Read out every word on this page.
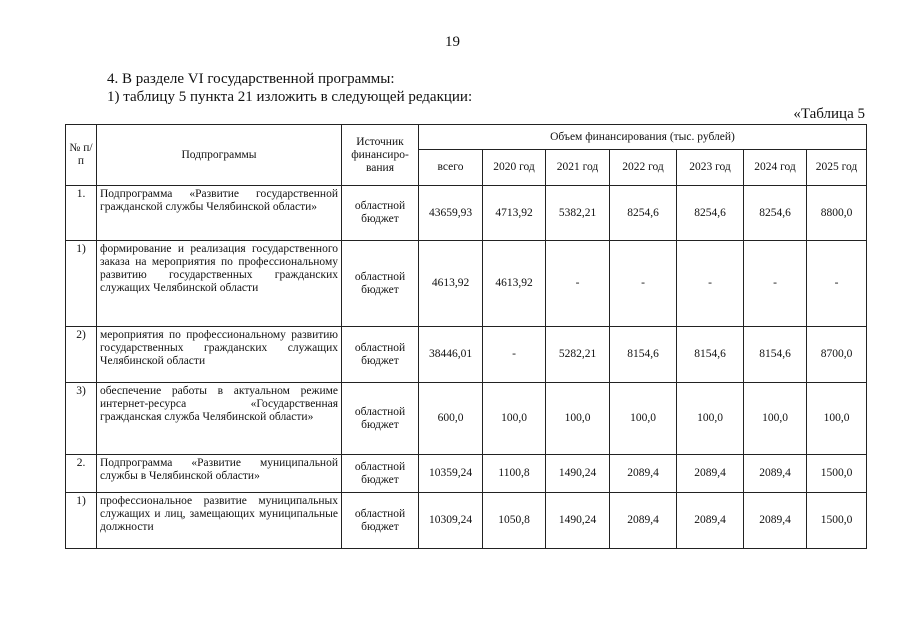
19
4. В разделе VI государственной программы:
1) таблицу 5 пункта 21 изложить в следующей редакции:
«Таблица 5
№ п/п	Подпрограммы	Источник финансиро-вания	Объем финансирования (тыс. рублей)						
			всего	2020 год	2021 год	2022 год	2023 год	2024 год	2025 год
1.	Подпрограмма «Развитие государственной гражданской службы Челябинской области»	областной бюджет	43659,93	4713,92	5382,21	8254,6	8254,6	8254,6	8800,0
1)	формирование и реализация государственного заказа на мероприятия по профессиональному развитию государственных гражданских служащих Челябинской области	областной бюджет	4613,92	4613,92	-	-	-	-	-
2)	мероприятия по профессиональному развитию государственных гражданских служащих Челябинской области	областной бюджет	38446,01	-	5282,21	8154,6	8154,6	8154,6	8700,0
3)	обеспечение работы в актуальном режиме интернет-ресурса «Государственная гражданская служба Челябинской области»	областной бюджет	600,0	100,0	100,0	100,0	100,0	100,0	100,0
2.	Подпрограмма «Развитие муниципальной службы в Челябинской области»	областной бюджет	10359,24	1100,8	1490,24	2089,4	2089,4	2089,4	1500,0
1)	профессиональное развитие муниципальных служащих и лиц, замещающих муниципальные должности	областной бюджет	10309,24	1050,8	1490,24	2089,4	2089,4	2089,4	1500,0
